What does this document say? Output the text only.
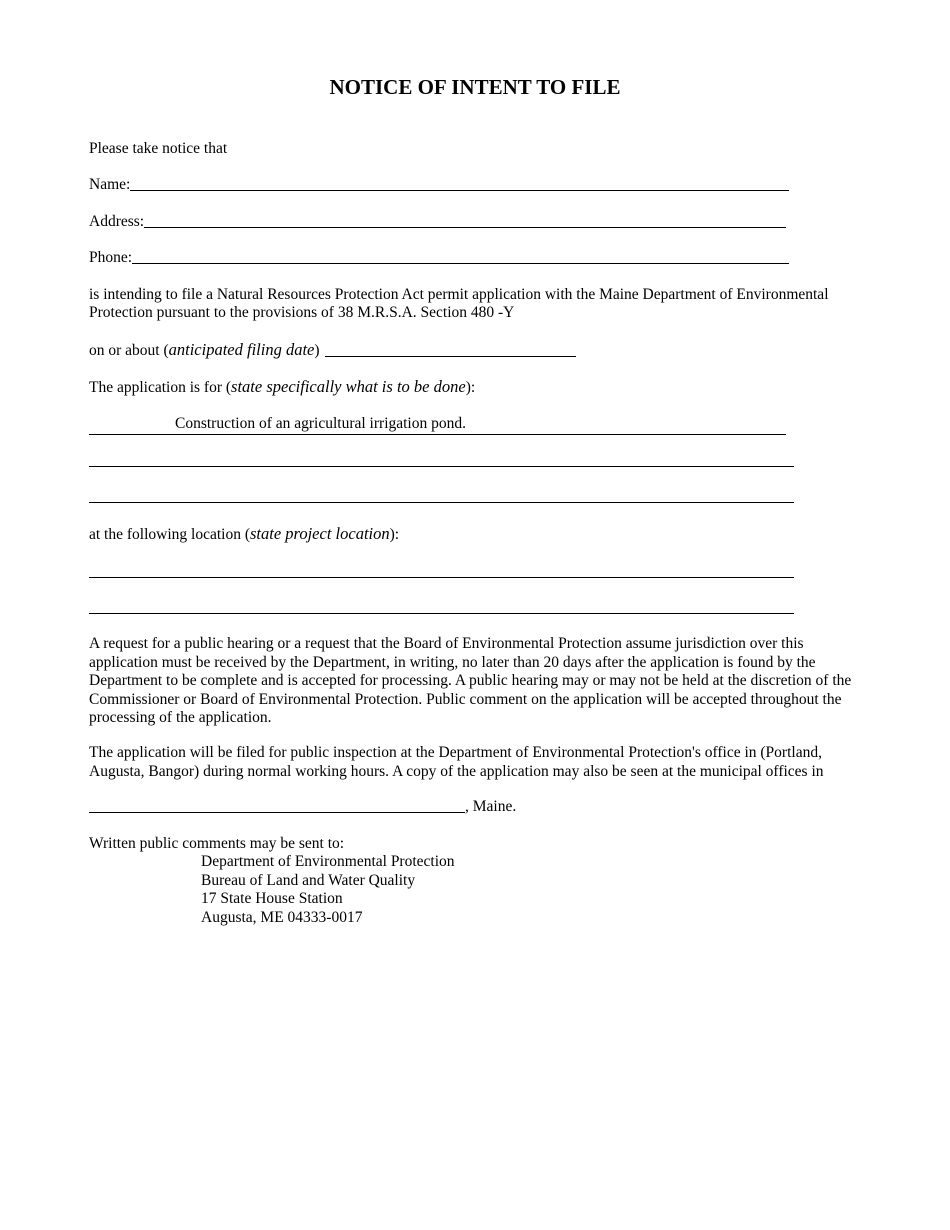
NOTICE OF INTENT TO FILE
Please take notice that
Name:
Address:
Phone:
is intending to file a Natural Resources Protection Act permit application with the Maine Department of Environmental
Protection pursuant to the provisions of 38 M.R.S.A. Section 480 -Y
on or about ( anticipated filing date )
The application is for (state specifically what is to be done):
Construction of an agricultural irrigation pond.
at the following location (state project location):
A request for a public hearing or a request that the Board of Environmental Protection assume jurisdiction over this
application must be received by the Department, in writing, no later than 20 days after the application is found by the
Department to be complete and is accepted for processing. A public hearing may or may not be held at the discretion of the
Commissioner or Board of Environmental Protection. Public comment on the application will be accepted throughout the
processing of the application.
The application will be filed for public inspection at the Department of Environmental Protection's office in (Portland,
Augusta, Bangor) during normal working hours. A copy of the application may also be seen at the municipal offices in
, Maine.
Written public comments may be sent to:
Department of Environmental Protection
Bureau of Land and Water Quality
17 State House Station
Augusta, ME 04333-0017
